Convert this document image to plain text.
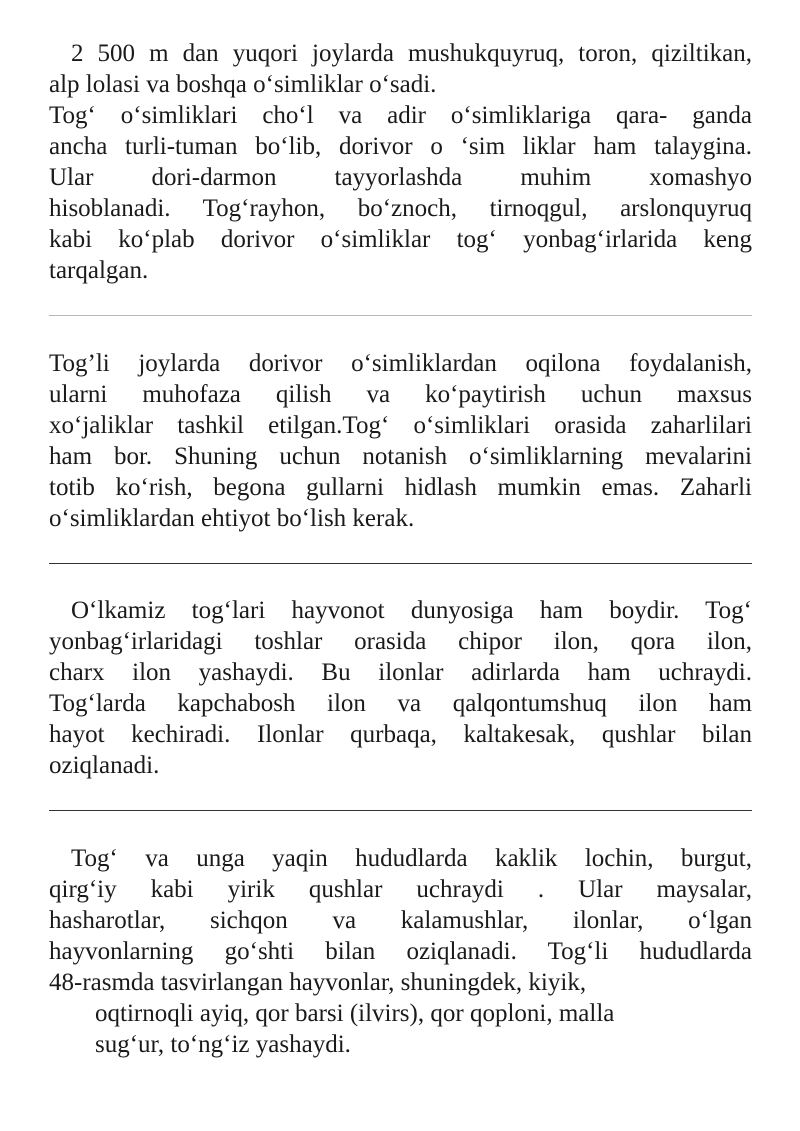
2 500 m dan yuqori joylarda mushukquyruq, toron, qiziltikan,
alp lolasi va boshqa o‘simliklar o‘sadi.
Tog‘ o‘simliklari cho‘l va adir o‘simliklariga qara- ganda
ancha turli-tuman bo‘lib, dorivor o ‘sim liklar ham talaygina.
Ular dori-darmon tayyorlashda muhim xomashyo
hisoblanadi. Tog‘rayhon, bo‘znoch, tirnoqgul, arslonquyruq
kabi ko‘plab dorivor o‘simliklar tog‘ yonbag‘irlarida keng
tarqalgan.

Tog’li joylarda dorivor o‘simliklardan oqilona foydalanish,
ularni muhofaza qilish va ko‘paytirish uchun maxsus
xo‘jaliklar tashkil etilgan.Tog‘ o‘simliklari orasida zaharlilari
ham bor. Shuning uchun notanish o‘simliklarning mevalarini
totib ko‘rish, begona gullarni hidlash mumkin emas. Zaharli
o‘simliklardan ehtiyot bo‘lish kerak.

O‘lkamiz tog‘lari hayvonot dunyosiga ham boydir. Tog‘
yonbag‘irlaridagi toshlar orasida chipor ilon, qora ilon,
charx ilon yashaydi. Bu ilonlar adirlarda ham uchraydi.
Tog‘larda kapchabosh ilon va qalqontumshuq ilon ham
hayot kechiradi. Ilonlar qurbaqa, kaltakesak, qushlar bilan
oziqlanadi.

Tog‘ va unga yaqin hududlarda kaklik lochin, burgut,
qirg‘iy kabi yirik qushlar uchraydi . Ular maysalar,
hasharotlar, sichqon va kalamushlar, ilonlar, o‘lgan
hayvonlarning go‘shti bilan oziqlanadi. Tog‘li hududlarda
48-rasmda tasvirlangan hayvonlar, shuningdek, kiyik,
oqtirnoqli ayiq, qor barsi (ilvirs), qor qoploni, malla
sug‘ur, to‘ng‘iz yashaydi.
